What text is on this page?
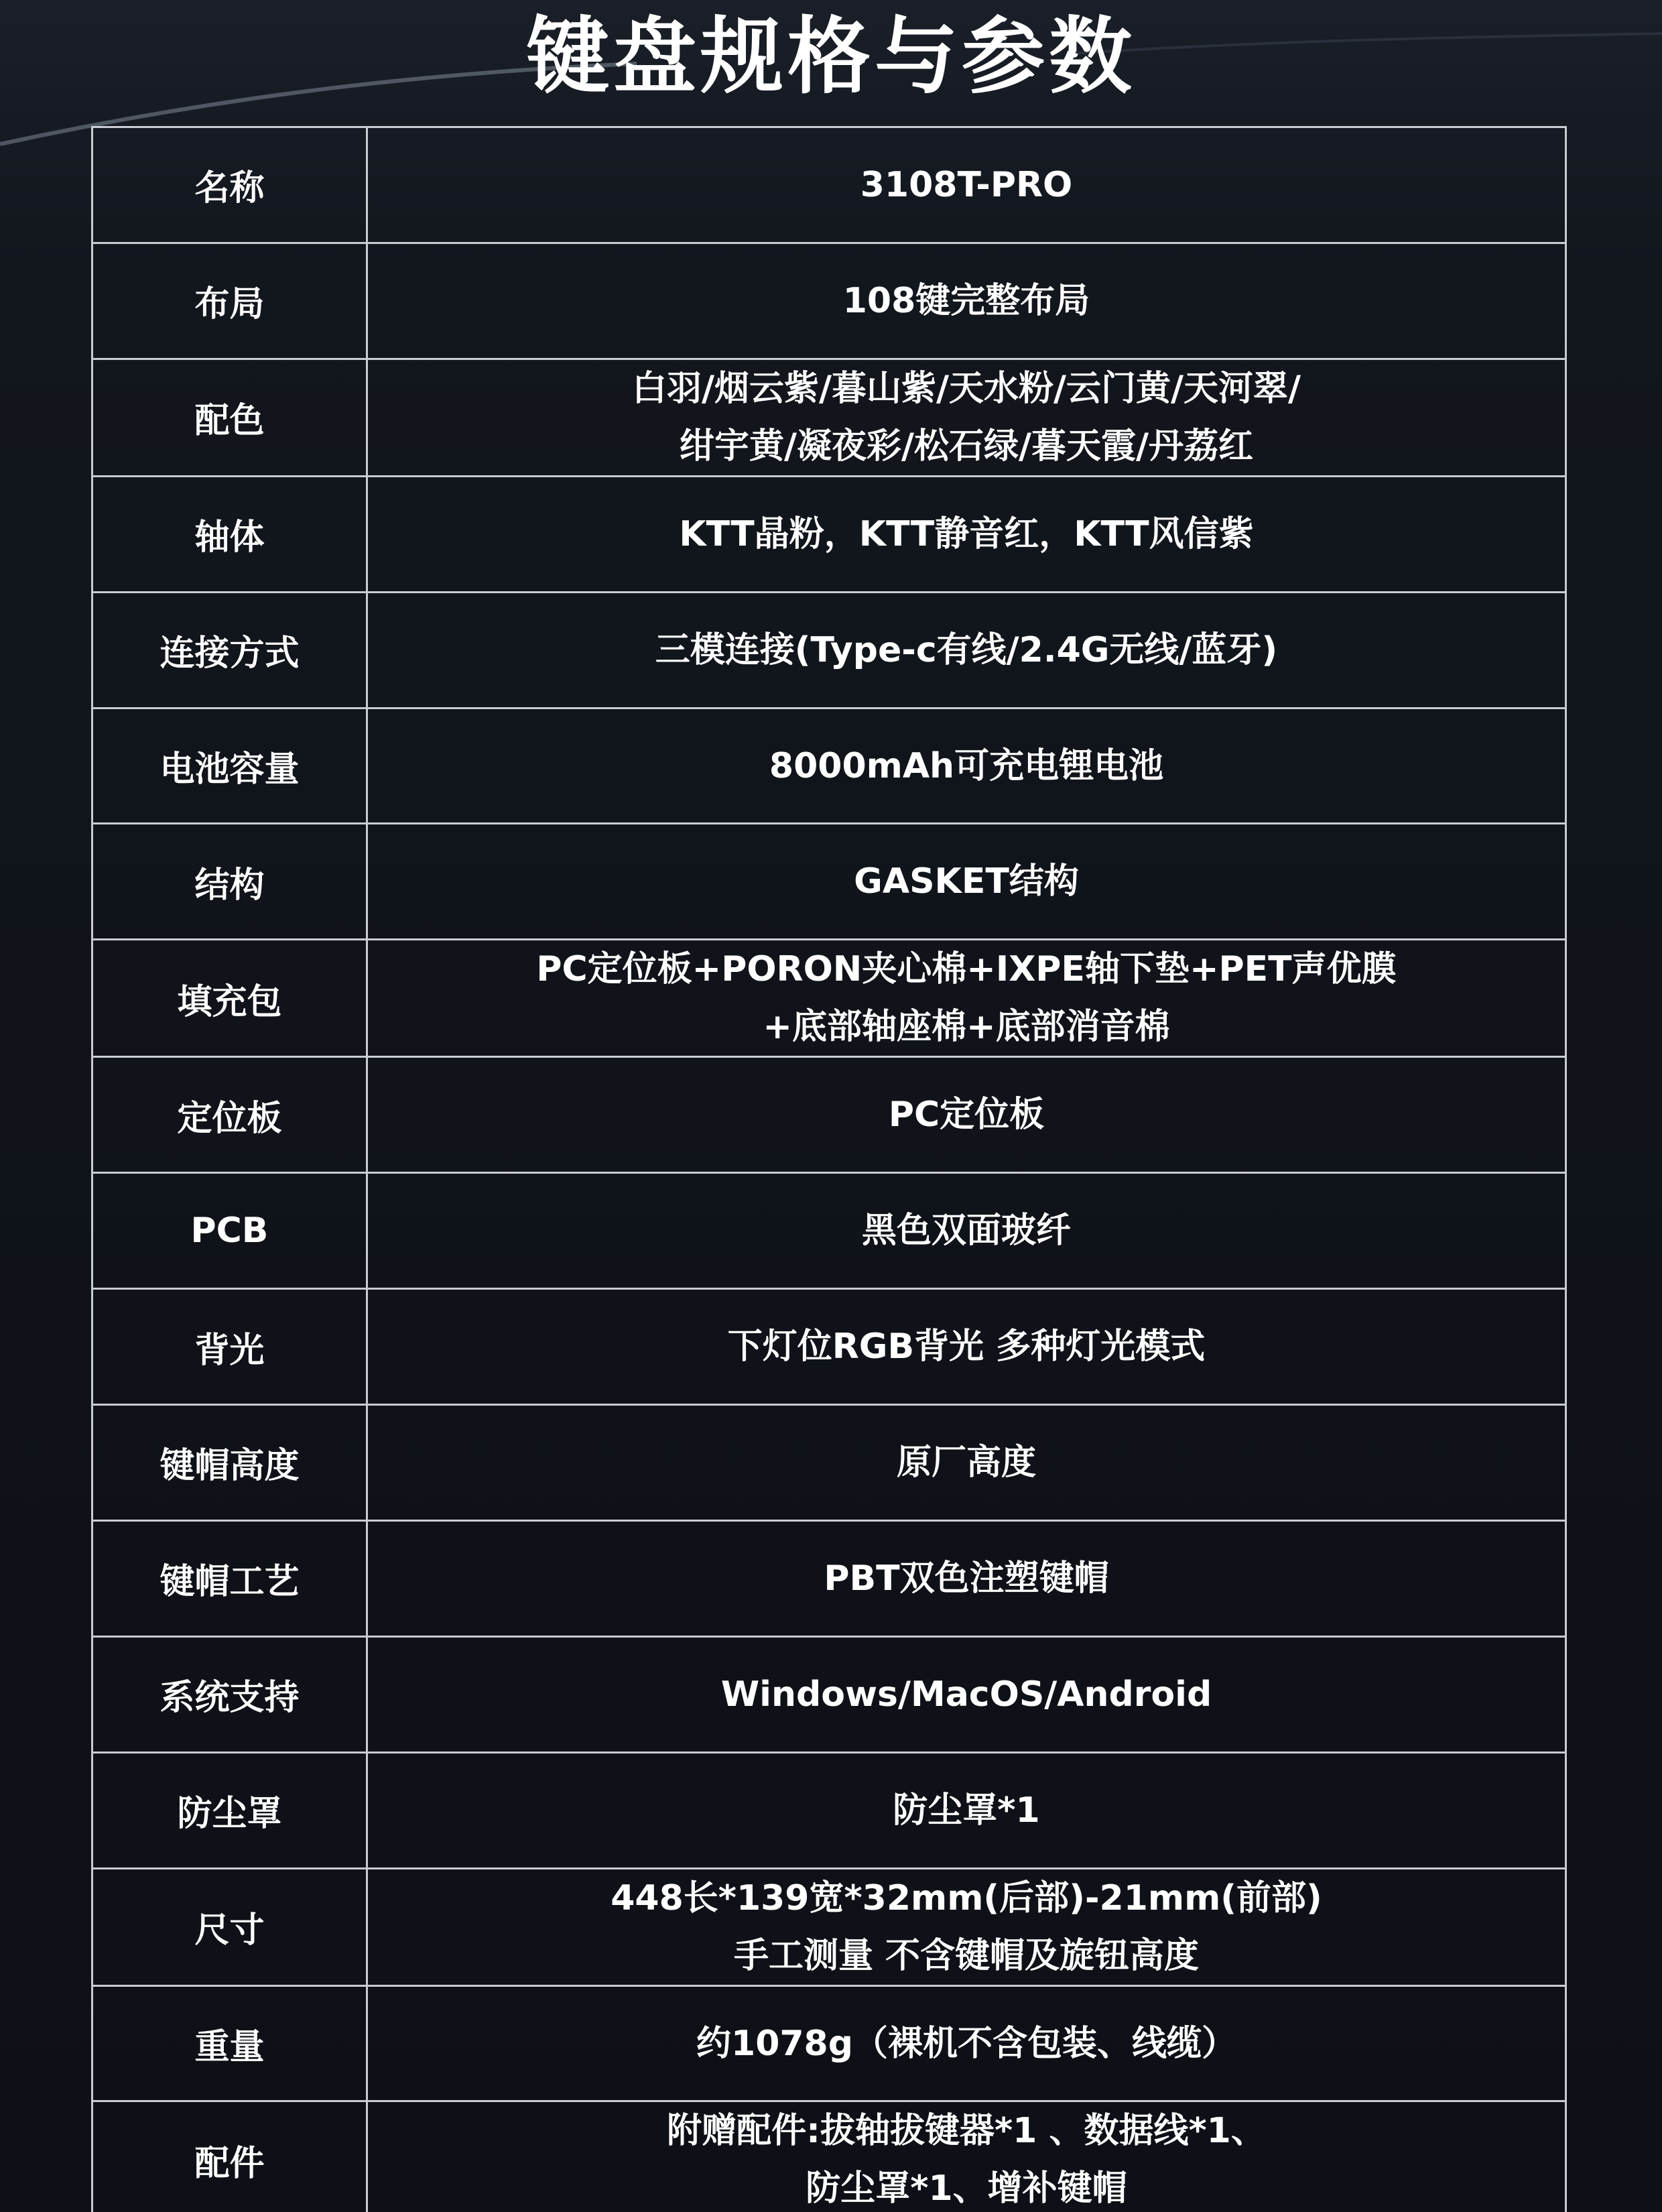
键盘规格与参数
名称	3108T-PRO

布局	108键完整布局

配色	白羽/烟云紫/暮山紫/天水粉/云门黄/天河翠/
绀宇黄/凝夜彩/松石绿/暮天霞/丹荔红

轴体	KTT晶粉，KTT静音红，KTT风信紫

连接方式	三模连接(Type-c有线/2.4G无线/蓝牙)

电池容量	8000mAh可充电锂电池

结构	GASKET结构

填充包	PC定位板+PORON夹心棉+IXPE轴下垫+PET声优膜
+底部轴座棉+底部消音棉

定位板	PC定位板

PCB	黑色双面玻纤

背光	下灯位RGB背光 多种灯光模式

键帽高度	原厂高度

键帽工艺	PBT双色注塑键帽

系统支持	Windows/MacOS/Android

防尘罩	防尘罩*1

尺寸	448长*139宽*32mm(后部)-21mm(前部)
手工测量 不含键帽及旋钮高度

重量	约1078g（裸机不含包装、线缆）

配件	附赠配件:拔轴拔键器*1 、数据线*1、
防尘罩*1、增补键帽
